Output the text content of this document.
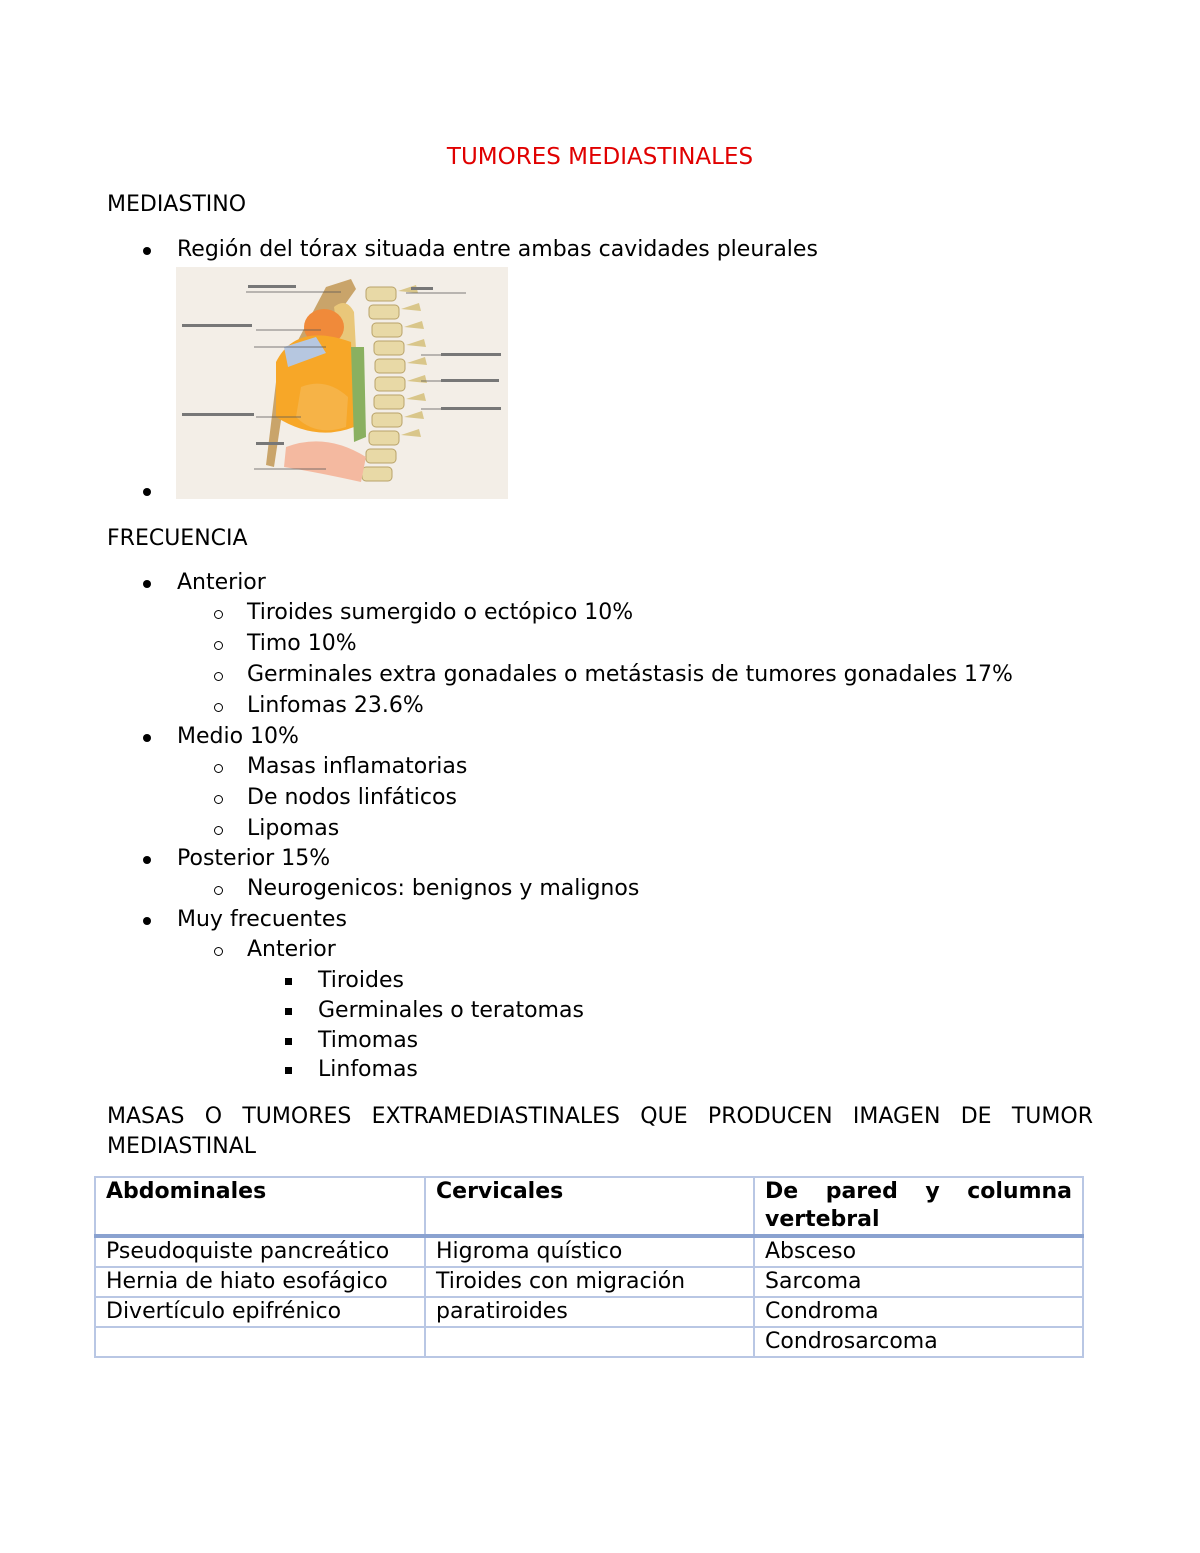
TUMORES MEDIASTINALES
MEDIASTINO
Región del tórax situada entre ambas cavidades pleurales
FRECUENCIA
Anterior
Tiroides sumergido o ectópico 10%
Timo 10%
Germinales extra gonadales o metástasis de tumores gonadales 17%
Linfomas 23.6%
Medio 10%
Masas inflamatorias
De nodos linfáticos
Lipomas
Posterior 15%
Neurogenicos: benignos y malignos
Muy frecuentes
Anterior
Tiroides
Germinales o teratomas
Timomas
Linfomas
MASAS O TUMORES EXTRAMEDIASTINALES QUE PRODUCEN IMAGEN DE TUMOR MEDIASTINAL
Abdominales	Cervicales	De pared y columna vertebral
Pseudoquiste pancreático	Higroma quístico	Absceso
Hernia de hiato esofágico	Tiroides con migración	Sarcoma
Divertículo epifrénico	paratiroides	Condroma
		Condrosarcoma
